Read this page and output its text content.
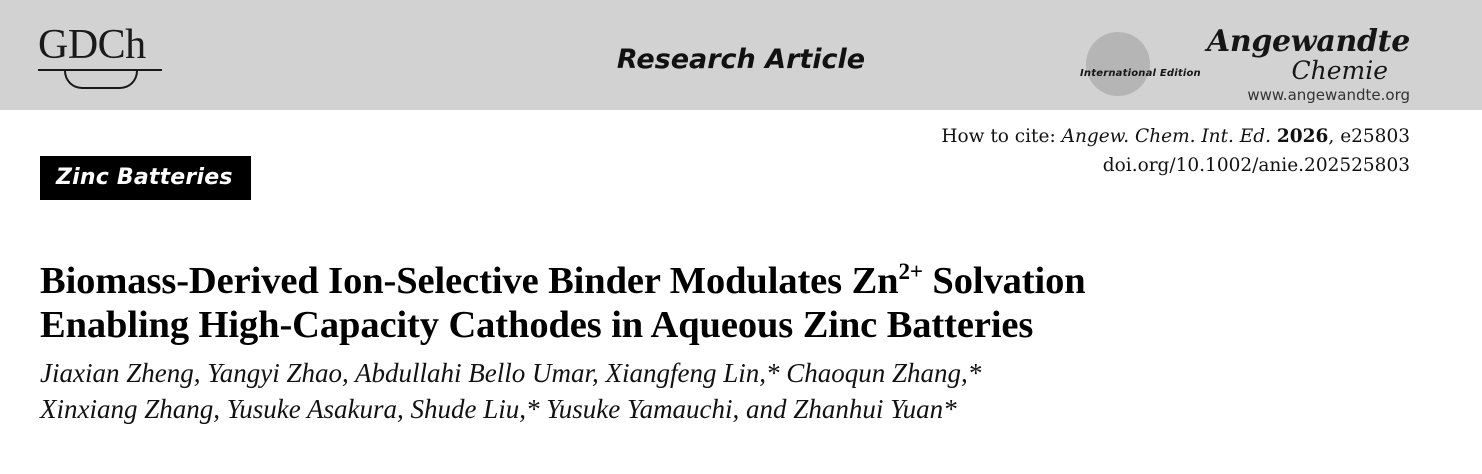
GDCh	Research Article
Angewandte
International Edition	Chemie
www.angewandte.org
How to cite: Angew. Chem. Int. Ed. 2026, e25803
doi.org/10.1002/anie.202525803
Zinc Batteries
Biomass-Derived Ion-Selective Binder Modulates $Zn^{2+}$ Solvation
Enabling High-Capacity Cathodes in Aqueous Zinc Batteries
Jiaxian Zheng, Yangyi Zhao, Abdullahi Bello Umar, Xiangfeng Lin,* Chaoqun Zhang,*
Xinxiang Zhang, Yusuke Asakura, Shude Liu,* Yusuke Yamauchi, and Zhanhui Yuan*
